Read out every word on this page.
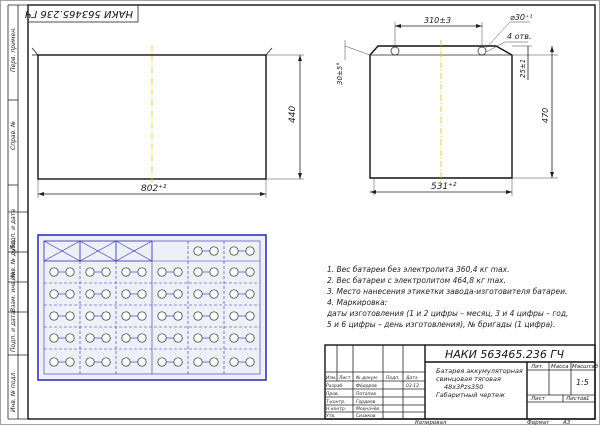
Перв. примен.
Справ. №
Подп. и дата
Инв. № дубл.
Взам. инв. №
Подп. и дата
Инв. № подл.
НАКИ 563465.236 ГЧ
802⁺²
440
310±3
531⁺²
470
25±1
30±5°
⌀30⁺¹
4 отв.
1. Вес батареи без электролита 360,4 кг max.
2. Вес батареи с электролитом 464,8 кг max.
3. Место нанесения этикетки завода-изготовителя батареи.
4. Маркировка:
даты изготовления (1 и 2 цифры – месяц, 3 и 4 цифры – год,
5 и 6 цифры – день изготовления), № бригады (1 цифра).
НАКИ 563465.236 ГЧ
Батарея аккумуляторная
свинцовая тяговая
48x3Pzs350
Габаритный чертеж
Лит. Масса Масштаб
1:5
Лист	Листов 1
Изм. Лист № докум. Подп. Дата
Разраб.	Фёдоров	03.13
Пров.	Потапов
Т.контр. Гордеев
Н.контр. Мохначёв
Утв.	Сизиков
Копировал	Формат А3
